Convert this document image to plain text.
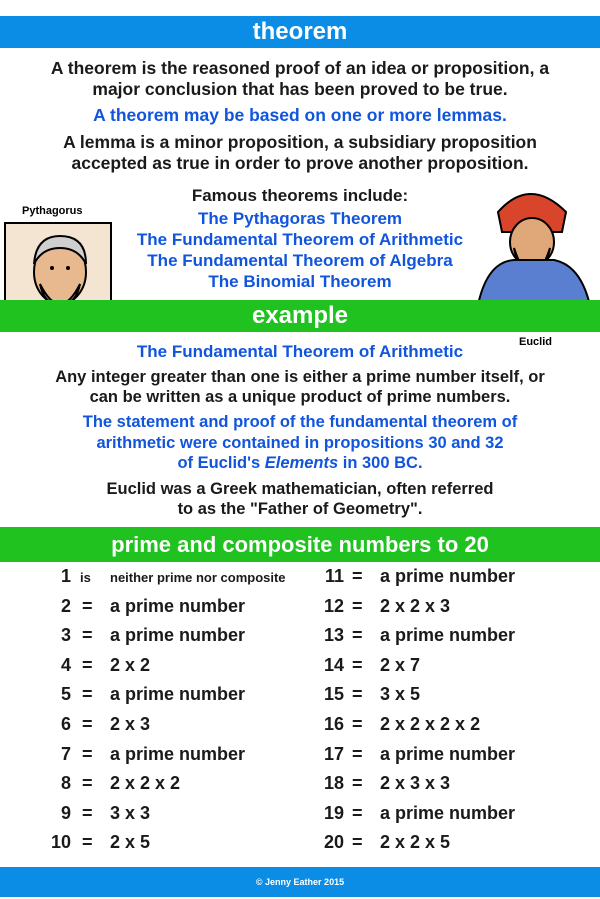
theorem
A theorem is the reasoned proof of an idea or proposition, a
major conclusion that has been proved to be true.
A theorem may be based on one or more lemmas.
A lemma is a minor proposition, a subsidiary proposition
accepted as true in order to prove another proposition.
Famous theorems include:
The Pythagoras Theorem
The Fundamental Theorem of Arithmetic
The Fundamental Theorem of Algebra
The Binomial Theorem
Pythagorus
example
Euclid
The Fundamental Theorem of Arithmetic
Any integer greater than one is either a prime number itself, or
can be written as a unique product of prime numbers.
The statement and proof of the fundamental theorem of
arithmetic were contained in propositions 30 and 32
of Euclid's Elements in 300 BC.
Euclid was a Greek mathematician, often referred
to as the "Father of Geometry".
prime and composite numbers to 20
1 is neither prime nor composite
2 = a prime number
3 = a prime number
4 = 2 x 2
5 = a prime number
6 = 2 x 3
7 = a prime number
8 = 2 x 2 x 2
9 = 3 x 3
10 = 2 x 5
11 = a prime number
12 = 2 x 2 x 3
13 = a prime number
14 = 2 x 7
15 = 3 x 5
16 = 2 x 2 x 2 x 2
17 = a prime number
18 = 2 x 3 x 3
19 = a prime number
20 = 2 x 2 x 5
© Jenny Eather 2015
